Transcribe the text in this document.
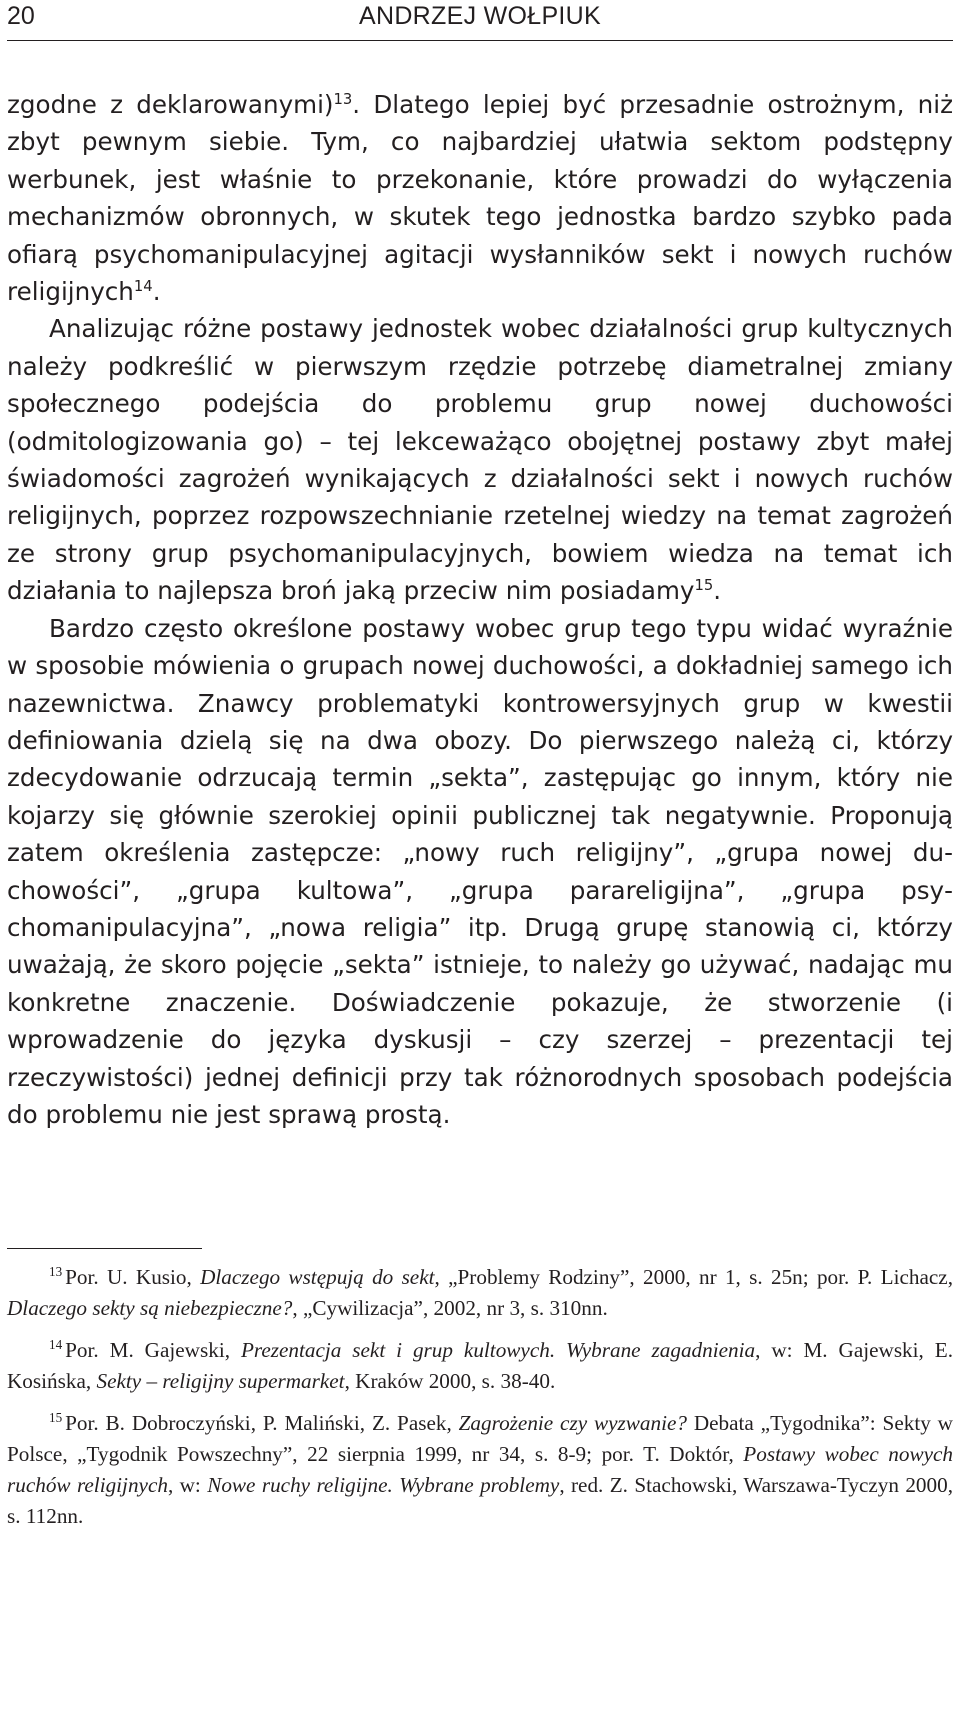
20	ANDRZEJ WOŁPIUK

zgodne z deklarowanymi)$^{13}$. Dlatego lepiej być przesadnie ostrożnym, niż zbyt pewnym siebie. Tym, co najbardziej ułatwia sektom podstępny werbunek, jest właśnie to przekonanie, które prowadzi do wyłączenia mechanizmów obronnych, w skutek tego jednostka bardzo szybko pada ofiarą psychomanipulacyjnej agitacji wysłanników sekt i nowych ruchów religijnych$^{14}$.

Analizując różne postawy jednostek wobec działalności grup kultycznych należy podkreślić w pierwszym rzędzie potrzebę diametralnej zmiany społecznego podejścia do problemu grup nowej duchowości (odmitologizowania go) – tej lekceważąco obojętnej postawy zbyt małej świadomości zagrożeń wynikających z działalności sekt i nowych ruchów religijnych, poprzez rozpowszechnianie rzetelnej wiedzy na temat zagrożeń ze strony grup psychomanipulacyjnych, bowiem wiedza na temat ich działania to najlepsza broń jaką przeciw nim posiadamy$^{15}$.

Bardzo często określone postawy wobec grup tego typu widać wyraźnie w sposobie mówienia o grupach nowej duchowości, a dokładniej samego ich nazewnictwa. Znawcy problematyki kontrowersyjnych grup w kwestii definiowania dzielą się na dwa obozy. Do pierwszego należą ci, którzy zdecydowanie odrzucają termin „sekta”, zastępując go innym, który nie kojarzy się głównie szerokiej opinii publicznej tak negatywnie. Proponują zatem określenia zastępcze: „nowy ruch religijny”, „grupa nowej duchowości”, „grupa kultowa”, „grupa parareligijna”, „grupa psychomanipulacyjna”, „nowa religia” itp. Drugą grupę stanowią ci, którzy uważają, że skoro pojęcie „sekta” istnieje, to należy go używać, nadając mu konkretne znaczenie. Doświadczenie pokazuje, że stworzenie (i wprowadzenie do języka dyskusji – czy szerzej – prezentacji tej rzeczywistości) jednej definicji przy tak różnorodnych sposobach podejścia do problemu nie jest sprawą prostą.

$^{13}$ Por. U. Kusio, Dlaczego wstępują do sekt, „Problemy Rodziny”, 2000, nr 1, s. 25n; por. P. Lichacz, Dlaczego sekty są niebezpieczne?, „Cywilizacja”, 2002, nr 3, s. 310nn.

$^{14}$ Por. M. Gajewski, Prezentacja sekt i grup kultowych. Wybrane zagadnienia, w: M. Gajewski, E. Kosińska, Sekty – religijny supermarket, Kraków 2000, s. 38-40.

$^{15}$ Por. B. Dobroczyński, P. Maliński, Z. Pasek, Zagrożenie czy wyzwanie? Debata „Tygodnika”: Sekty w Polsce, „Tygodnik Powszechny”, 22 sierpnia 1999, nr 34, s. 8-9; por. T. Doktór, Postawy wobec nowych ruchów religijnych, w: Nowe ruchy religijne. Wybrane problemy, red. Z. Stachowski, Warszawa-Tyczyn 2000, s. 112nn.
